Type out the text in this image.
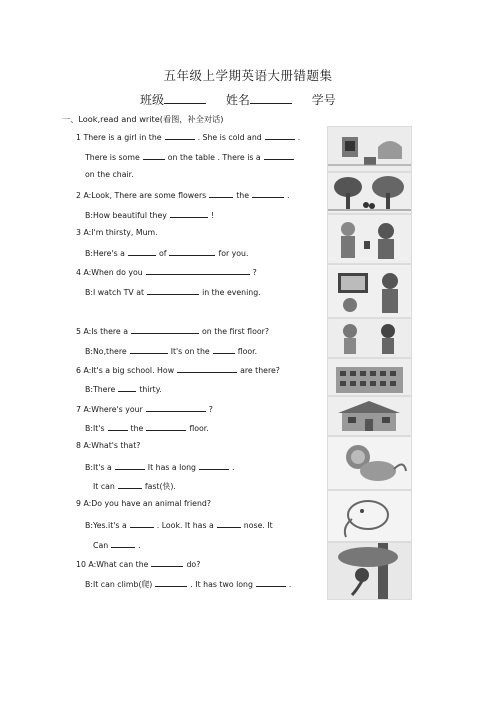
五年级上学期英语大册错题集
班级	姓名	学号
一、Look,read and write(看图，补全对话)
1 There is a girl in the	. She is cold and	.
There is some	on the table . There is a
on the chair.
2 A:Look, There are some flowers	the	.
B:How beautiful they	!
3 A:I'm thirsty, Mum.
B:Here's a	of	for you.
4 A:When do you	?
B:I watch TV at	in the evening.
5 A:Is there a	on the first floor?
B:No,there	It's on the	floor.
6 A:It's a big school. How	are there?
B:There	thirty.
7 A:Where's your	?
B:It's	the	floor.
8 A:What's that?
B:It's a	It has a long	.
It can	fast(快).
9 A:Do you have an animal friend?
B:Yes.it's a	. Look. It has a	nose. It
Can	.
10 A:What can the	do?
B:It can climb(爬)	. It has two long	.
